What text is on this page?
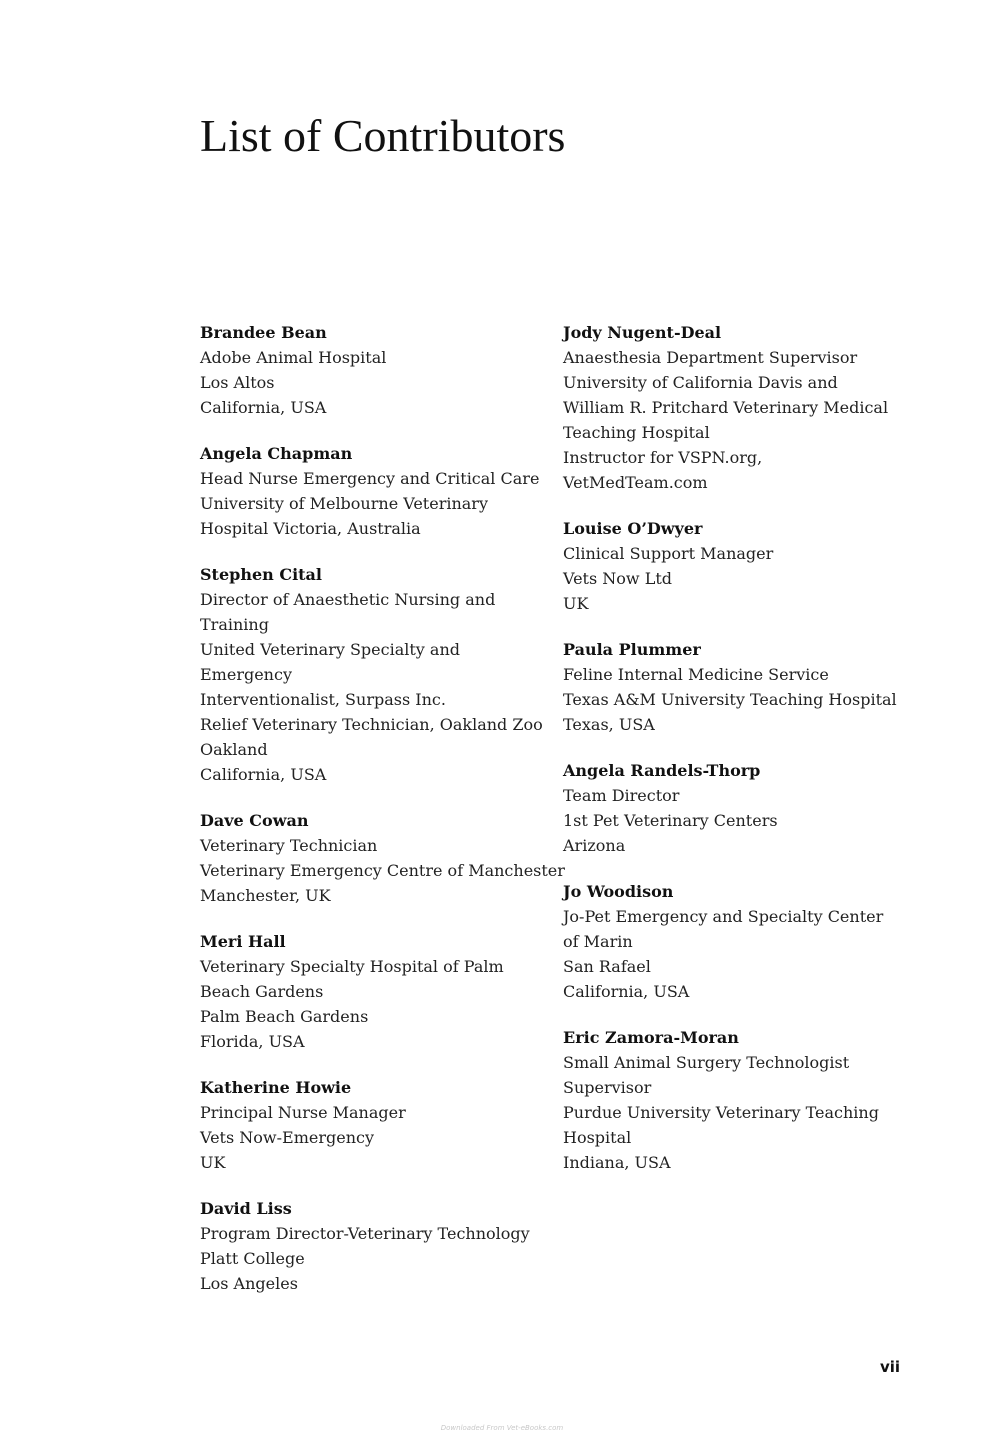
List of Contributors
Brandee Bean
Adobe Animal Hospital
Los Altos
California, USA
Angela Chapman
Head Nurse Emergency and Critical Care
University of Melbourne Veterinary
Hospital Victoria, Australia
Stephen Cital
Director of Anaesthetic Nursing and
Training
United Veterinary Specialty and
Emergency
Interventionalist, Surpass Inc.
Relief Veterinary Technician, Oakland Zoo
Oakland
California, USA
Dave Cowan
Veterinary Technician
Veterinary Emergency Centre of Manchester
Manchester, UK
Meri Hall
Veterinary Specialty Hospital of Palm
Beach Gardens
Palm Beach Gardens
Florida, USA
Katherine Howie
Principal Nurse Manager
Vets Now-Emergency
UK
David Liss
Program Director-Veterinary Technology
Platt College
Los Angeles
Jody Nugent-Deal
Anaesthesia Department Supervisor
University of California Davis and
William R. Pritchard Veterinary Medical
Teaching Hospital
Instructor for VSPN.org,
VetMedTeam.com
Louise O’Dwyer
Clinical Support Manager
Vets Now Ltd
UK
Paula Plummer
Feline Internal Medicine Service
Texas A&M University Teaching Hospital
Texas, USA
Angela Randels-Thorp
Team Director
1st Pet Veterinary Centers
Arizona
Jo Woodison
Jo-Pet Emergency and Specialty Center
of Marin
San Rafael
California, USA
Eric Zamora-Moran
Small Animal Surgery Technologist
Supervisor
Purdue University Veterinary Teaching
Hospital
Indiana, USA
vii
Downloaded From Vet-eBooks.com
